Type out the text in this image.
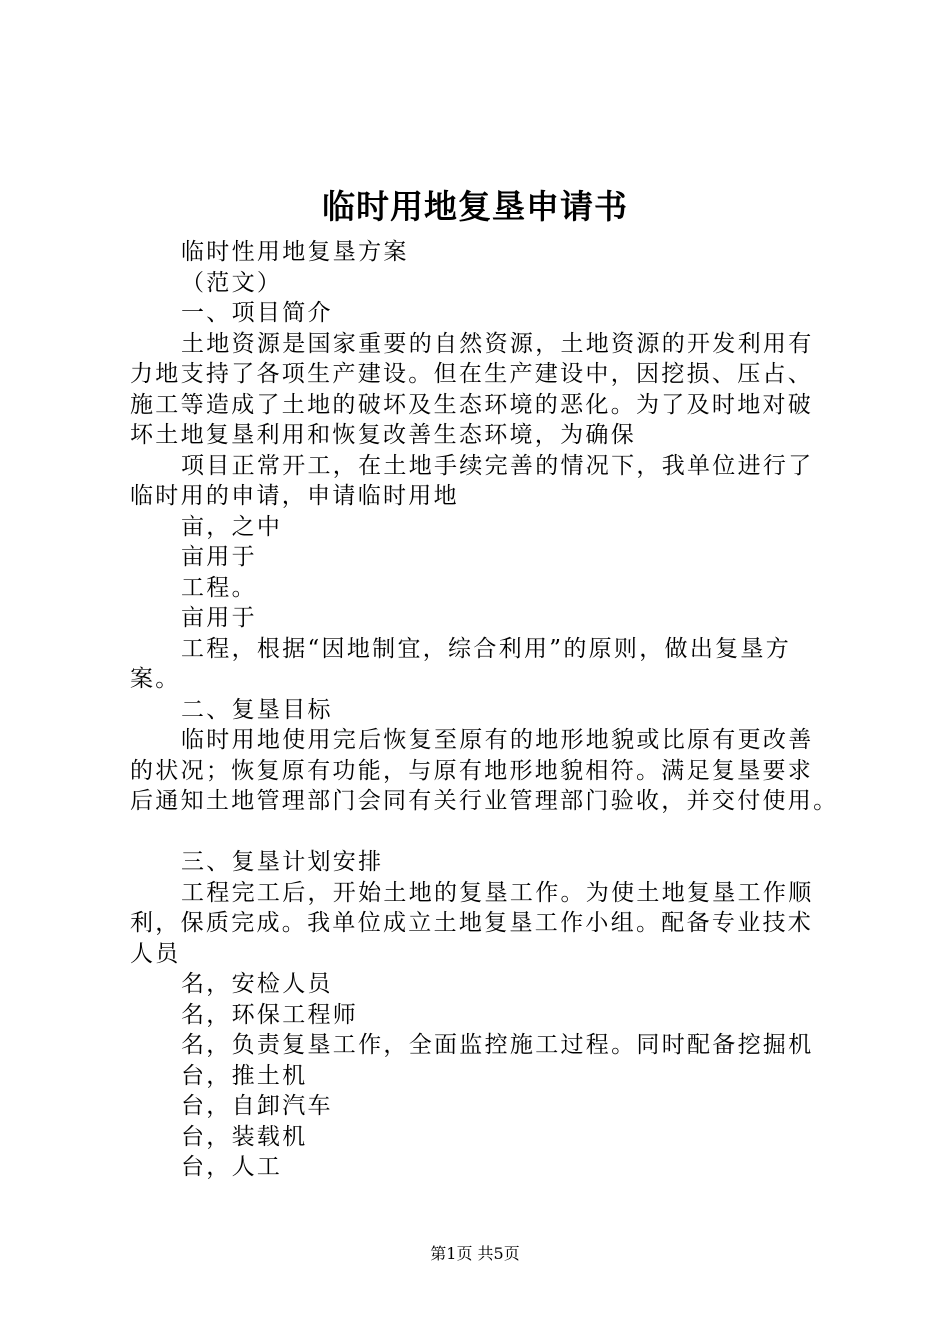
临时用地复垦申请书
临时性用地复垦方案
（范文）
一、项目简介
土地资源是国家重要的自然资源，土地资源的开发利用有
力地支持了各项生产建设。但在生产建设中，因挖损、压占、
施工等造成了土地的破坏及生态环境的恶化。为了及时地对破
坏土地复垦利用和恢复改善生态环境，为确保
项目正常开工，在土地手续完善的情况下，我单位进行了
临时用的申请，申请临时用地
亩，之中
亩用于
工程。
亩用于
工程，根据“因地制宜，综合利用”的原则，做出复垦方
案。
二、复垦目标
临时用地使用完后恢复至原有的地形地貌或比原有更改善
的状况；恢复原有功能，与原有地形地貌相符。满足复垦要求
后通知土地管理部门会同有关行业管理部门验收，并交付使用。
三、复垦计划安排
工程完工后，开始土地的复垦工作。为使土地复垦工作顺
利，保质完成。我单位成立土地复垦工作小组。配备专业技术
人员
名，安检人员
名，环保工程师
名，负责复垦工作，全面监控施工过程。同时配备挖掘机
台，推土机
台，自卸汽车
台，装载机
台，人工
第1页 共5页
